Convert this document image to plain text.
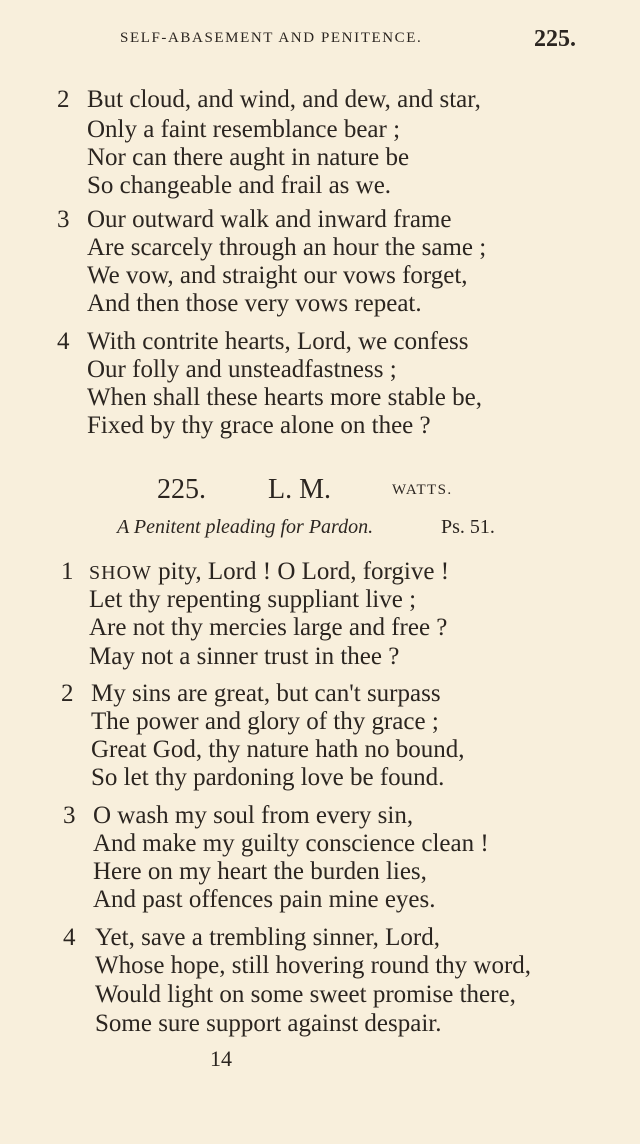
SELF-ABASEMENT AND PENITENCE.	225.
2 But cloud, and wind, and dew, and star,
Only a faint resemblance bear ;
Nor can there aught in nature be
So changeable and frail as we.
3 Our outward walk and inward frame
Are scarcely through an hour the same ;
We vow, and straight our vows forget,
And then those very vows repeat.
4 With contrite hearts, Lord, we confess
Our folly and unsteadfastness ;
When shall these hearts more stable be,
Fixed by thy grace alone on thee ?
225. L. M.	WATTS.
A Penitent pleading for Pardon.	Ps. 51.
1 SHOW pity, Lord ! O Lord, forgive !
Let thy repenting suppliant live ;
Are not thy mercies large and free ?
May not a sinner trust in thee ?
2 My sins are great, but can't surpass
The power and glory of thy grace ;
Great God, thy nature hath no bound,
So let thy pardoning love be found.
3 O wash my soul from every sin,
And make my guilty conscience clean !
Here on my heart the burden lies,
And past offences pain mine eyes.
4 Yet, save a trembling sinner, Lord,
Whose hope, still hovering round thy word,
Would light on some sweet promise there,
Some sure support against despair.
14
